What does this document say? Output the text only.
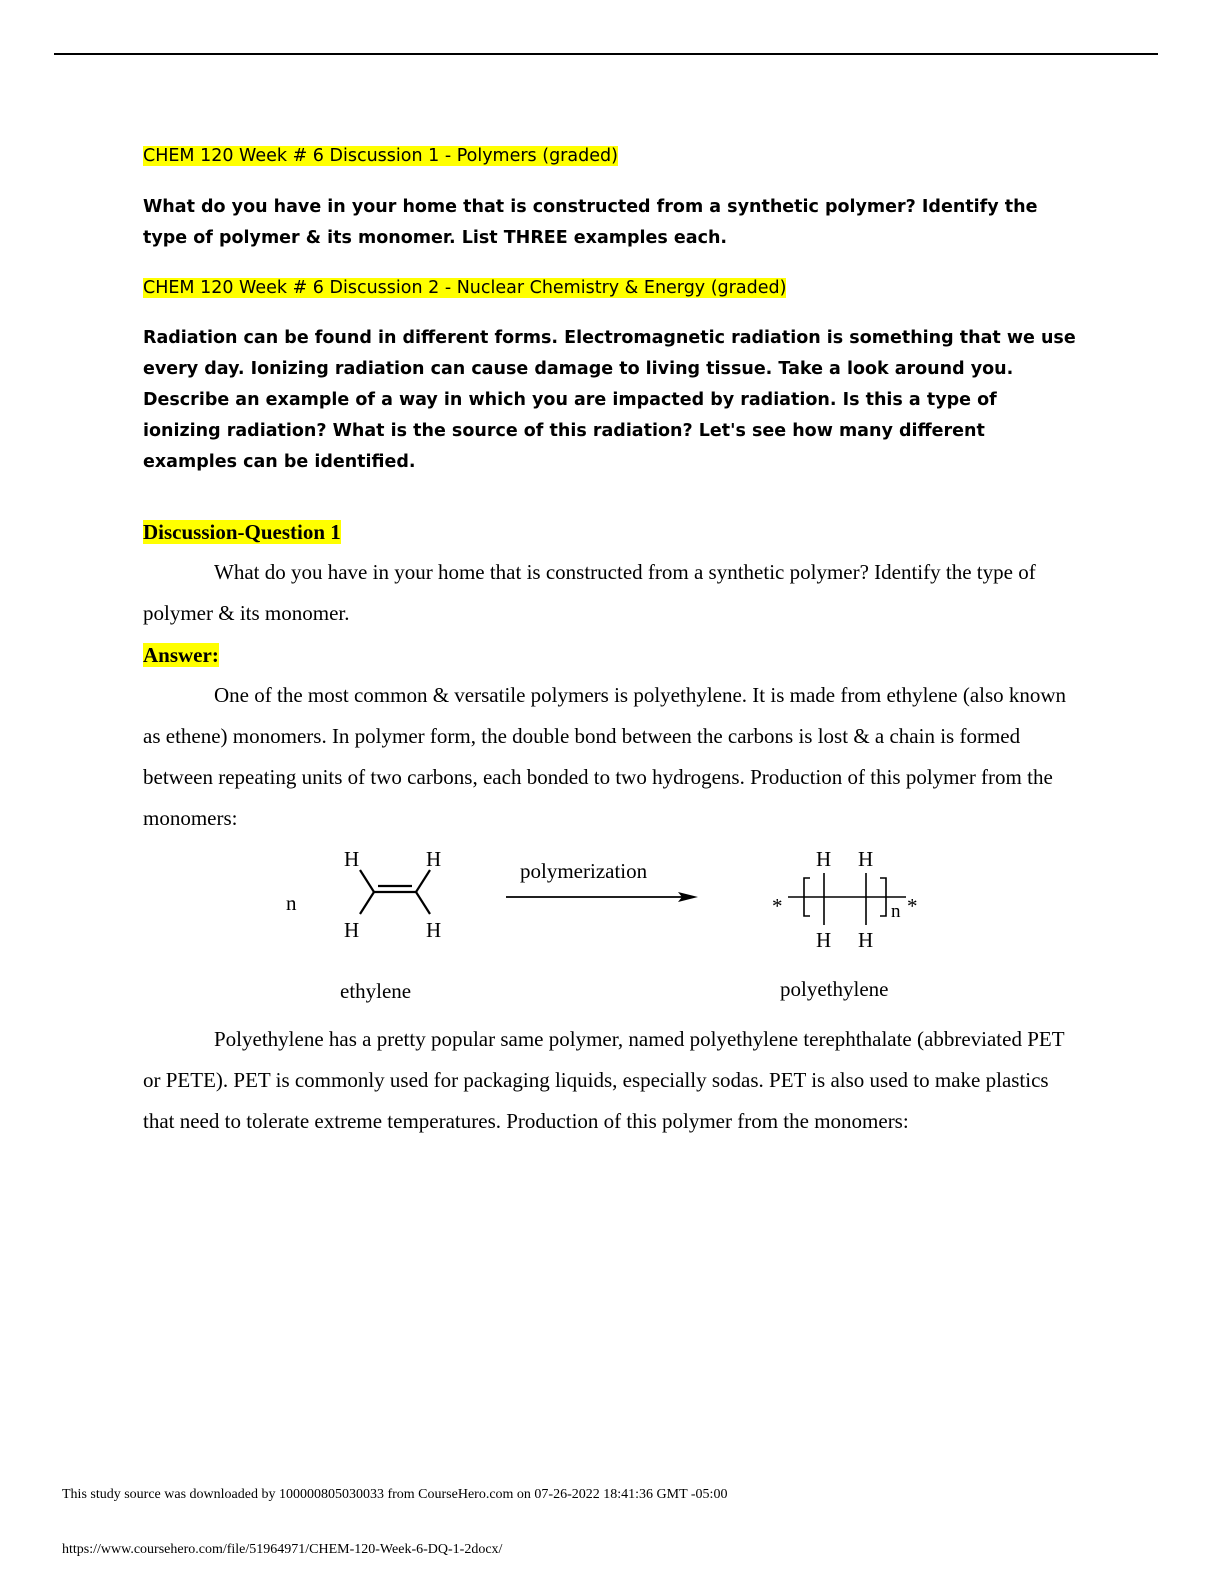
CHEM 120 Week # 6 Discussion 1 - Polymers (graded)
What do you have in your home that is constructed from a synthetic polymer? Identify the type of polymer & its monomer. List THREE examples each.
CHEM 120 Week # 6 Discussion 2 - Nuclear Chemistry & Energy (graded)
Radiation can be found in different forms. Electromagnetic radiation is something that we use every day. Ionizing radiation can cause damage to living tissue. Take a look around you. Describe an example of a way in which you are impacted by radiation. Is this a type of ionizing radiation? What is the source of this radiation? Let's see how many different examples can be identified.
Discussion-Question 1
What do you have in your home that is constructed from a synthetic polymer? Identify the type of polymer & its monomer.
Answer:
One of the most common & versatile polymers is polyethylene. It is made from ethylene (also known as ethene) monomers. In polymer form, the double bond between the carbons is lost & a chain is formed between repeating units of two carbons, each bonded to two hydrogens. Production of this polymer from the monomers:
n
H	H
H	H
polymerization	H H
H H
*	*
n
ethylene	polyethylene
Polyethylene has a pretty popular same polymer, named polyethylene terephthalate (abbreviated PET or PETE). PET is commonly used for packaging liquids, especially sodas. PET is also used to make plastics that need to tolerate extreme temperatures. Production of this polymer from the monomers:
This study source was downloaded by 100000805030033 from CourseHero.com on 07-26-2022 18:41:36 GMT -05:00
https://www.coursehero.com/file/51964971/CHEM-120-Week-6-DQ-1-2docx/
